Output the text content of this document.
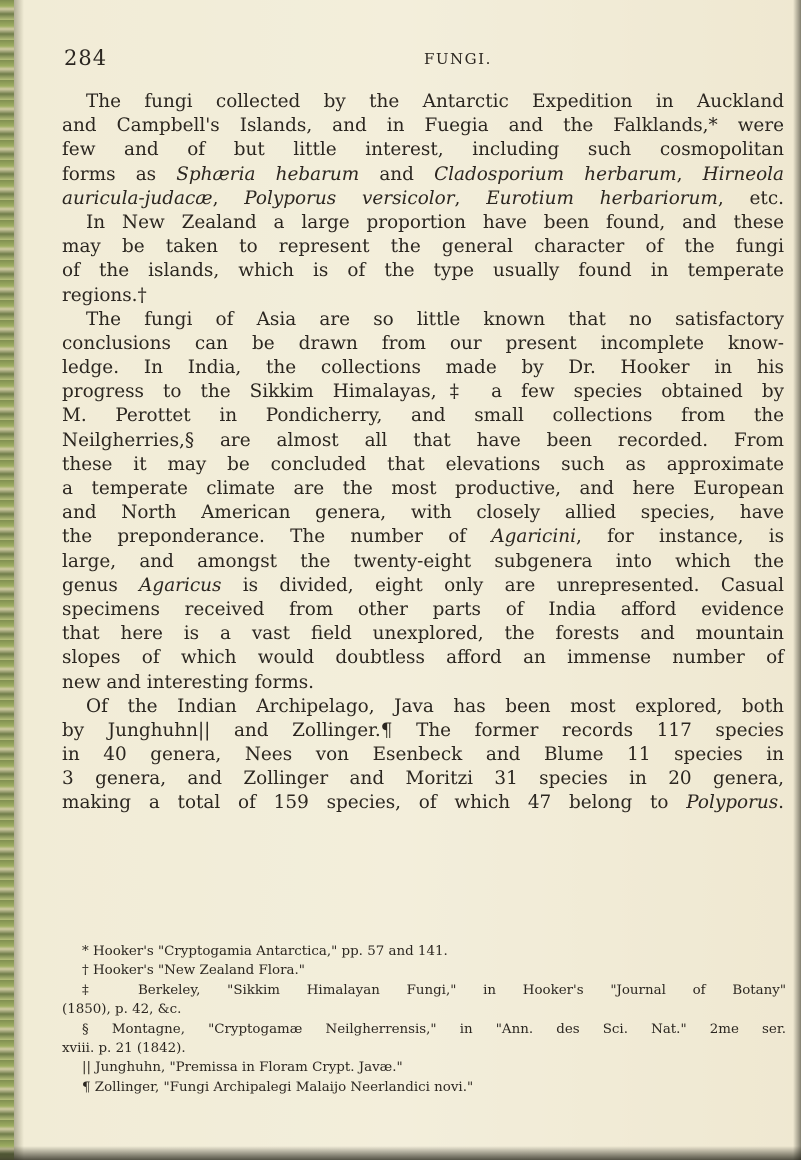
284	FUNGI.
The fungi collected by the Antarctic Expedition in Auckland
and Campbell's Islands, and in Fuegia and the Falklands,* were
few and of but little interest, including such cosmopolitan
forms as Sphæria hebarum and Cladosporium herbarum, Hirneola
auricula-judacæ, Polyporus versicolor, Eurotium herbariorum, etc.
In New Zealand a large proportion have been found, and these
may be taken to represent the general character of the fungi
of the islands, which is of the type usually found in temperate
regions.†
The fungi of Asia are so little known that no satisfactory
conclusions can be drawn from our present incomplete know-
ledge. In India, the collections made by Dr. Hooker in his
progress to the Sikkim Himalayas,‡ a few species obtained by
M. Perottet in Pondicherry, and small collections from the
Neilgherries,§ are almost all that have been recorded. From
these it may be concluded that elevations such as approximate
a temperate climate are the most productive, and here European
and North American genera, with closely allied species, have
the preponderance. The number of Agaricini, for instance, is
large, and amongst the twenty-eight subgenera into which the
genus Agaricus is divided, eight only are unrepresented. Casual
specimens received from other parts of India afford evidence
that here is a vast field unexplored, the forests and mountain
slopes of which would doubtless afford an immense number of
new and interesting forms.
Of the Indian Archipelago, Java has been most explored, both
by Junghuhn|| and Zollinger.¶ The former records 117 species
in 40 genera, Nees von Esenbeck and Blume 11 species in
3 genera, and Zollinger and Moritzi 31 species in 20 genera,
making a total of 159 species, of which 47 belong to Polyporus.
* Hooker's "Cryptogamia Antarctica," pp. 57 and 141.
† Hooker's "New Zealand Flora."
‡ Berkeley, "Sikkim Himalayan Fungi," in Hooker's "Journal of Botany"
(1850), p. 42, &c.
§ Montagne, "Cryptogamæ Neilgherrensis," in "Ann. des Sci. Nat." 2me ser.
xviii. p. 21 (1842).
|| Junghuhn, "Premissa in Floram Crypt. Javæ."
¶ Zollinger, "Fungi Archipalegi Malaijo Neerlandici novi."
